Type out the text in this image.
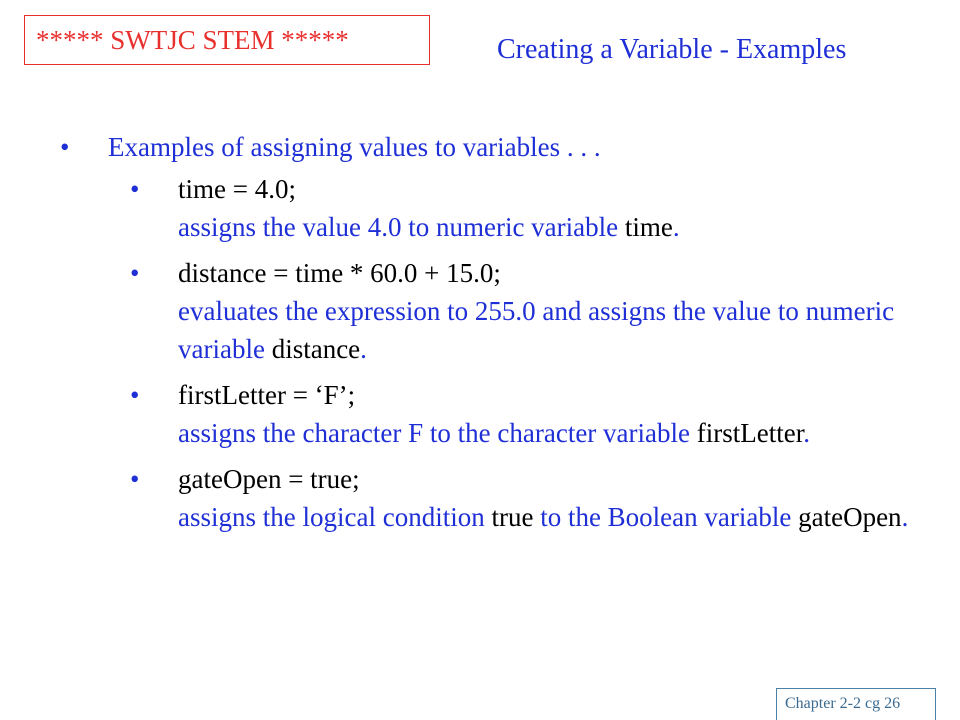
***** SWTJC STEM *****	Creating a Variable - Examples

• Examples of assigning values to variables . . .

• time = 4.0;
assigns the value 4.0 to numeric variable time.
• distance = time * 60.0 + 15.0;
evaluates the expression to 255.0 and assigns the value to numeric variable distance.
• firstLetter = ‘F’;
assigns the character F to the character variable firstLetter.
• gateOpen = true;
assigns the logical condition true to the Boolean variable gateOpen.
Chapter 2-2 cg 26
